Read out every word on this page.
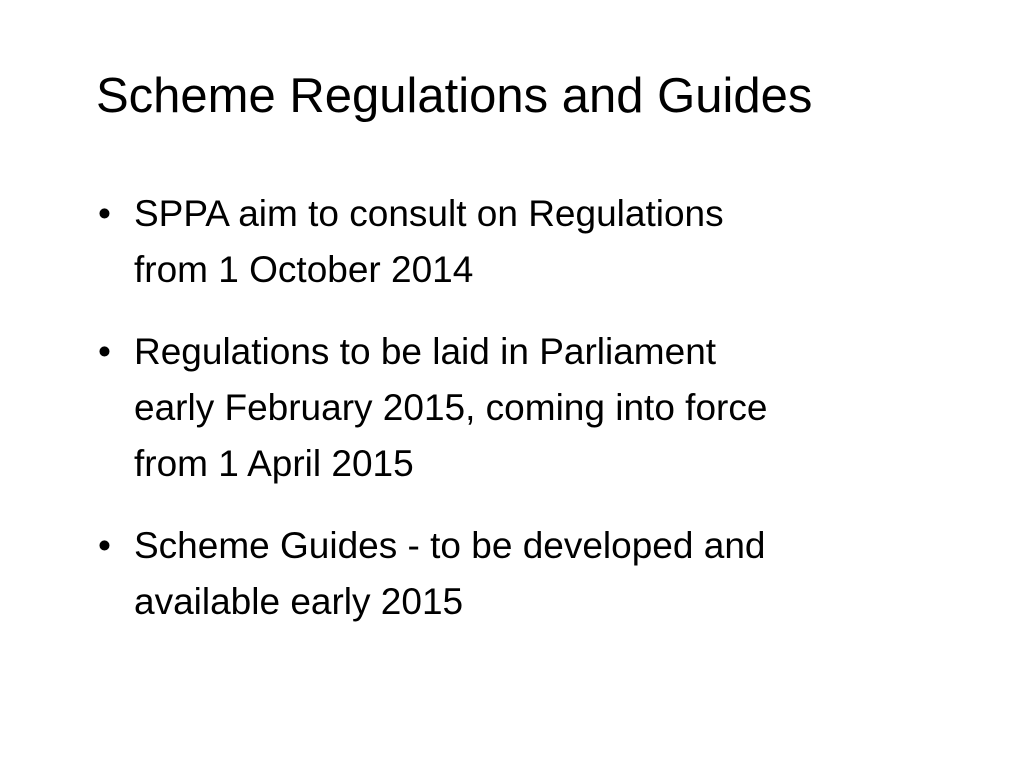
Scheme Regulations and Guides
• SPPA aim to consult on Regulations
from 1 October 2014
• Regulations to be laid in Parliament
early February 2015, coming into force
from 1 April 2015
• Scheme Guides - to be developed and
available early 2015
